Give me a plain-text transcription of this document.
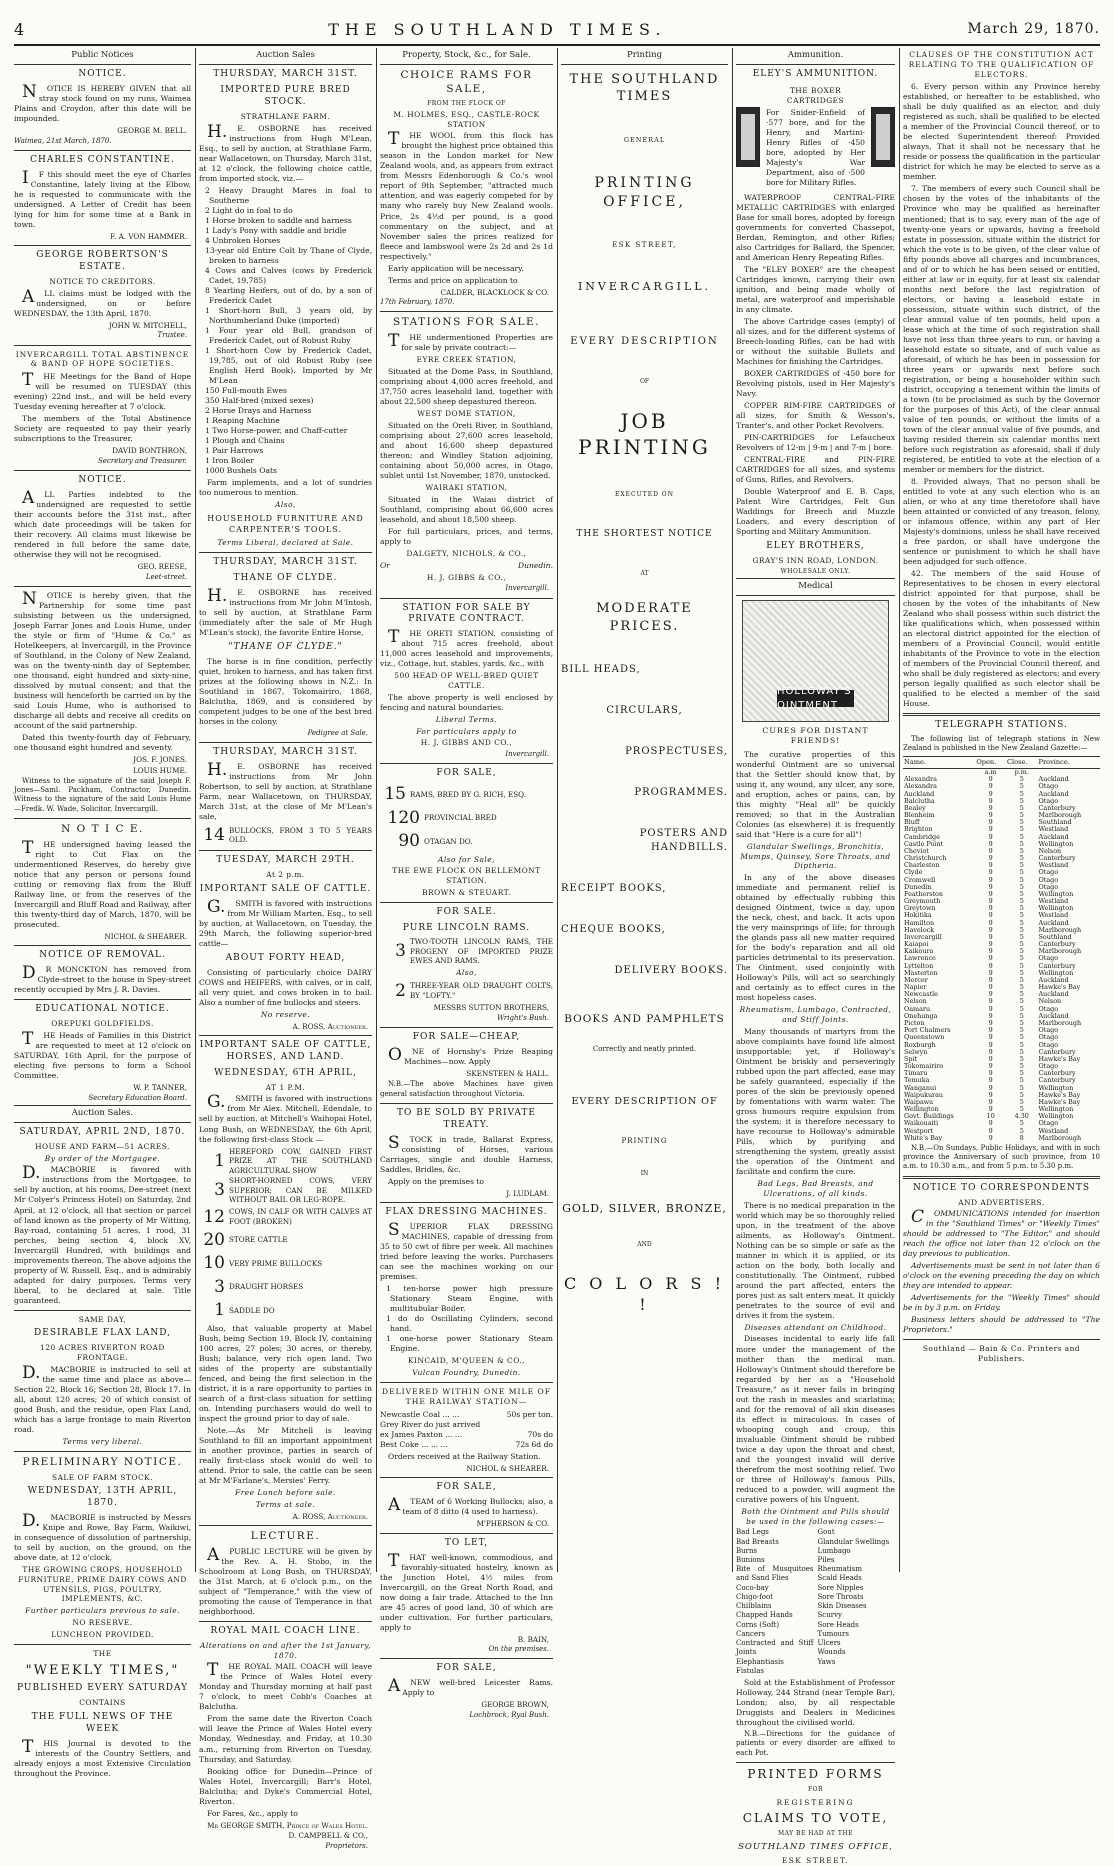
4	THE SOUTHLAND TIMES.	March 29, 1870.
Public Notices
NOTICE.

NOTICE IS HEREBY GIVEN that all stray stock found on my runs, Waimea Plains and Croydon, after this date will be impounded.

GEORGE M. BELL.
Waimea, 21st March, 1870.
CHARLES CONSTANTINE.

IF this should meet the eye of Charles Constantine, lately living at the Elbow, he is requested to communicate with the undersigned. A Letter of Credit has been lying for him for some time at a Bank in town.

F. A. VON HAMMER.
GEORGE ROBERTSON'S ESTATE.
NOTICE TO CREDITORS.

ALL claims must be lodged with the undersigned, on or before WEDNESDAY, the 13th April, 1870.

JOHN W. MITCHELL,
Trustee.
INVERCARGILL TOTAL ABSTINENCE & BAND OF HOPE SOCIETIES.

THE Meetings for the Band of Hope will be resumed on TUESDAY (this evening) 22nd inst., and will be held every Tuesday evening hereafter at 7 o'clock.

The members of the Total Abstinence Society are requested to pay their yearly subscriptions to the Treasurer.

DAVID BONTHRON,
Secretary and Treasurer.
NOTICE.

ALL Parties indebted to the undersigned are requested to settle their accounts before the 31st inst., after which date proceedings will be taken for their recovery. All claims must likewise be rendered in full before the same date, otherwise they will not be recognised.

GEO. REESE,
Leet-street.

NOTICE is hereby given, that the Partnership for some time past subsisting between us the undersigned, Joseph Farrar Jones and Louis Hume, under the style or firm of "Hume & Co." as Hotelkeepers, at Invercargill, in the Province of Southland, in the Colony of New Zealand, was on the twenty-ninth day of September, one thousand, eight hundred and sixty-nine, dissolved by mutual consent; and that the business will henceforth be carried on by the said Louis Hume, who is authorised to discharge all debts and receive all credits on account of the said partnership.

Dated this twenty-fourth day of February, one thousand eight hundred and seventy.

JOS. F. JONES.
LOUIS HUME.

Witness to the signature of the said Joseph F. Jones—Saml. Packham, Contractor, Dunedin. Witness to the signature of the said Louis Hume—Fredk. W. Wade, Solicitor, Invercargill.

N O T I C E.

THE undersigned having leased the right to Cut Flax on the undermentioned Reserves, do hereby give notice that any person or persons found cutting or removing flax from the Bluff Railway line, or from the reserves of the Invercargill and Bluff Road and Railway, after this twenty-third day of March, 1870, will be prosecuted.

NICHOL & SHEARER.
NOTICE OF REMOVAL.

DR MONCKTON has removed from Clyde-street to the house in Spey-street recently occupied by Mrs J. R. Davies.

EDUCATIONAL NOTICE.
OREPUKI GOLDFIELDS.

THE Heads of Families in this District are requested to meet at 12 o'clock on SATURDAY, 16th April, for the purpose of electing five persons to form a School Committee.

W. P. TANNER,
Secretary Education Board.
Auction Sales.
SATURDAY, APRIL 2ND, 1870.
HOUSE AND FARM—51 ACRES.
By order of the Mortgagee.

D.MACBORIE is favored with instructions from the Mortgagee, to sell by auction, at his rooms, Dee-street (next Mr Colyer's Princess Hotel) on Saturday, 2nd April, at 12 o'clock, all that section or parcel of land known as the property of Mr Witting, Bay-road, containing 51 acres, 1 rood, 31 perches, being section 4, block XV, Invercargill Hundred, with buildings and improvements thereon. The above adjoins the property of W. Russell, Esq., and is admirably adapted for dairy purposes. Terms very liberal, to be declared at sale. Title guaranteed.

SAME DAY,
DESIRABLE FLAX LAND,
120 ACRES RIVERTON ROAD FRONTAGE.

D.MACBORIE is instructed to sell at the same time and place as above— Section 22, Block 16; Section 28, Block 17. In all, about 120 acres; 20 of which consist of good Bush, and the residue, open Flax Land, which has a large frontage to main Riverton road.

Terms very liberal.
PRELIMINARY NOTICE.
SALE OF FARM STOCK.
WEDNESDAY, 13TH APRIL, 1870.

D.MACBORIE is instructed by Messrs Knipe and Rowe, Bay Farm, Waikiwi, in consequence of dissolution of partnership, to sell by auction, on the ground, on the above date, at 12 o'clock,

THE GROWING CROPS, HOUSEHOLD FURNITURE, PRIME DAIRY COWS AND UTENSILS, PIGS, POULTRY, IMPLEMENTS, &C.
Further particulars previous to sale.
NO RESERVE.
LUNCHEON PROVIDED.
THE
"WEEKLY TIMES,"
PUBLISHED EVERY SATURDAY
CONTAINS
THE FULL NEWS OF THE WEEK

THIS Journal is devoted to the interests of the Country Settlers, and already enjoys a most Extensive Circulation throughout the Province.

Auction Sales
THURSDAY, MARCH 31ST.
IMPORTED PURE BRED STOCK.
STRATHLANE FARM.

H.E. OSBORNE has received instructions from Hugh M'Lean, Esq., to sell by auction, at Strathlane Farm, near Wallacetown, on Thursday, March 31st, at 12 o'clock, the following choice cattle, from imported stock, viz.—

2 Heavy Draught Mares in foal to Southerne
2 Light do in foal to do
1 Horse broken to saddle and harness
1 Lady's Pony with saddle and bridle
4 Unbroken Horses
13-year old Entire Colt by Thane of Clyde, broken to harness
4 Cows and Calves (cows by Frederick Cadet, 19,785)
8 Yearling Heifers, out of do, by a son of Frederick Cadet
1 Short-horn Bull, 3 years old, by Northumberland Duke (imported)
1 Four year old Bull, grandson of Frederick Cadet, out of Robust Ruby
1 Short-horn Cow by Frederick Cadet, 19,785, out of old Robust Ruby (see English Herd Book). Imported by Mr M'Lean
150 Full-mouth Ewes
350 Half-bred (mixed sexes)
2 Horse Drays and Harness
1 Reaping Machine
1 Two Horse-power, and Chaff-cutter
1 Plough and Chains
1 Pair Harrows
1 Iron Boiler
1000 Bushels Oats

Farm implements, and a lot of sundries too numerous to mention.

Also,
HOUSEHOLD FURNITURE AND CARPENTER'S TOOLS.
Terms Liberal, declared at Sale.
THURSDAY, MARCH 31ST.
THANE OF CLYDE.

H.E. OSBORNE has received instructions from Mr John M'Intosh, to sell by auction, at Strathlane Farm (immediately after the sale of Mr Hugh M'Lean's stock), the favorite Entire Horse,

"THANE OF CLYDE."

The horse is in fine condition, perfectly quiet, broken to harness, and has taken first prizes at the following shows in N.Z.: In Southland in 1867, Tokomairiro, 1868, Balclutha, 1869, and is considered by competent judges to be one of the best bred horses in the colony.

Pedigree at Sale.
THURSDAY, MARCH 31ST.

H.E. OSBORNE has received instructions from Mr John Robertson, to sell by auction, at Strathlane Farm, near Wallacetown, on THURSDAY, March 31st, at the close of Mr M'Lean's sale,

14 BULLOCKS, FROM 3 TO 5 YEARS OLD.
TUESDAY, MARCH 29TH.
At 2 p.m.
IMPORTANT SALE OF CATTLE.

G.SMITH is favored with instructions from Mr William Marten, Esq., to sell by auction, at Wallacetown, on Tuesday, the 29th March, the following superior-bred cattle—

ABOUT FORTY HEAD,

Consisting of particularly choice DAIRY COWS and HEIFERS, with calves, or in calf, all very quiet, and cows broken in to bail. Also a number of fine bullocks and steers.

No reserve.
A. ROSS, Auctioneer.
IMPORTANT SALE OF CATTLE, HORSES, AND LAND.
WEDNESDAY, 6TH APRIL,
AT 1 P.M.

G.SMITH is favored with instructions from Mr Alex. Mitchell, Edendale, to sell by auction, at Mitchell's Waihopai Hotel, Long Bush, on WEDNESDAY, the 6th April, the following first-class Stock —

1 HEREFORD COW, GAINED FIRST PRIZE AT THE SOUTHLAND AGRICULTURAL SHOW
3 SHORT-HORNED COWS, VERY SUPERIOR; CAN BE MILKED WITHOUT BAIL OR LEG-ROPE.
12 COWS, IN CALF OR WITH CALVES AT FOOT (BROKEN)
20 STORE CATTLE
10 VERY PRIME BULLOCKS
3 DRAUGHT HORSES
1 SADDLE DO

Also, that valuable property at Mabel Bush, being Section 19, Block IV, containing 100 acres, 27 poles; 30 acres, or thereby, Bush; balance, very rich open land. Two sides of the property are substantially fenced, and being the first selection in the district, it is a rare opportunity to parties in search of a first-class situation for settling on. Intending purchasers would do well to inspect the ground prior to day of sale.

Note.—As Mr Mitchell is leaving Southland to fill an important appointment in another province, parties in search of really first-class stock would do well to attend. Prior to sale, the cattle can be seen at Mr M'Farlane's, Mersies' Ferry.

Free Lunch before sale.
Terms at sale.
A. ROSS, Auctioneer.
LECTURE.

APUBLIC LECTURE will be given by the Rev. A. H. Stobo, in the Schoolroom at Long Bush, on THURSDAY, the 31st March, at 6 o'clock p.m., on the subject of "Temperance," with the view of promoting the cause of Temperance in that neighborhood.

ROYAL MAIL COACH LINE.
Alterations on and after the 1st January, 1870.

THE ROYAL MAIL COACH will leave the Prince of Wales Hotel every Monday and Thursday morning at half past 7 o'clock, to meet Cobb's Coaches at Balclutha.

From the same date the Riverton Coach will leave the Prince of Wales Hotel every Monday, Wednesday, and Friday, at 10.30 a.m., returning from Riverton on Tuesday, Thursday, and Saturday.

Booking office for Dunedin—Prince of Wales Hotel, Invercargill; Barr's Hotel, Balclutha; and Dyke's Commercial Hotel, Riverton.

For Fares, &c., apply to

Mr GEORGE SMITH, Prince of Wales Hotel.
D. CAMPBELL & CO.,
Proprietors.
Property, Stock, &c., for Sale.
CHOICE RAMS FOR SALE,
FROM THE FLOCK OF
M. HOLMES, ESQ., CASTLE-ROCK STATION

THE WOOL from this flock has brought the highest price obtained this season in the London market for New Zealand wools, and, as appears from extract from Messrs Edenborough & Co.'s wool report of 9th September, "attracted much attention, and was eagerly competed for by many who rarely buy New Zealand wools. Price, 2s 4½d per pound, is a good commentary on the subject, and at November sales the prices realized for fleece and lambswool were 2s 2d and 2s 1d respectively."

Early application will be necessary.

Terms and price on application to

CALDER, BLACKLOCK & CO.
17th February, 1870.
STATIONS FOR SALE.

THE undermentioned Properties are for sale by private contract:—

EYRE CREEK STATION,

Situated at the Dome Pass, in Southland, comprising about 4,000 acres freehold, and 37,750 acres leasehold land, together with about 22,500 sheep depastured thereon.

WEST DOME STATION,

Situated on the Oreti River, in Southland, comprising about 27,600 acres leasehold, and about 16,600 sheep depastured thereon; and Windley Station adjoining, containing about 50,000 acres, in Otago, sublet until 1st November, 1870, unstocked.

WAIRAKI STATION,

Situated in the Waiau district of Southland, comprising about 66,600 acres leasehold, and about 18,500 sheep.

For full particulars, prices, and terms, apply to

DALGETY, NICHOLS, & CO.,
Or	Dunedin.
H. J. GIBBS & CO.,
Invercargill.
STATION FOR SALE BY PRIVATE CONTRACT.

THE ORETI STATION, consisting of about 715 acres freehold, about 11,000 acres leasehold and improvements, viz., Cottage, hut, stables, yards, &c., with

500 HEAD OF WELL-BRED QUIET CATTLE.

The above property is well enclosed by fencing and natural boundaries.

Liberal Terms.
For particulars apply to
H. J. GIBBS AND CO.,
Invercargill.
FOR SALE,
15 RAMS, BRED BY G. RICH, ESQ.
120 PROVINCIAL BRED
90 OTAGAN DO.
Also for Sale,
THE EWE FLOCK ON BELLEMONT STATION.
BROWN & STEUART.
FOR SALE.
PURE LINCOLN RAMS.
3 TWO-TOOTH LINCOLN RAMS, THE PROGENY OF IMPORTED PRIZE EWES AND RAMS.
Also,
2 THREE-YEAR OLD DRAUGHT COLTS, BY "LOFTY."
MESSRS SUTTON BROTHERS,
Wright's Bush.
FOR SALE—CHEAP,

ONE of Hornsby's Prize Reaping Machines—now. Apply

SKENSTEEN & HALL.

N.B.—The above Machines have given general satisfaction throughout Victoria.

TO BE SOLD BY PRIVATE TREATY.

STOCK in trade, Ballarat Express, consisting of Horses, various Carriages, single and double Harness, Saddles, Bridles, &c.

Apply on the premises to

J. LUDLAM.
FLAX DRESSING MACHINES.

SUPERIOR FLAX DRESSING MACHINES, capable of dressing from 35 to 50 cwt of fibre per week. All machines tried before leaving the works. Purchasers can see the machines working on our premises.

1 ten-horse power high pressure Stationary Steam Engine, with multitubular Boiler.
1 do do Oscillating Cylinders, second hand.
1 one-horse power Stationary Steam Engine.
KINCAID, M'QUEEN & CO.,
Vulcan Foundry, Dunedin.
DELIVERED WITHIN ONE MILE OF THE RAILWAY STATION—
Newcastle Coal ... ...	50s per ton.
Grey River do just arrived
ex James Paxton ... ...	70s do
Best Coke ... ... ...	72s 6d do

Orders received at the Railway Station.

NICHOL & SHEARER.
FOR SALE,

ATEAM of 6 Working Bullocks; also, a team of 8 ditto (4 used to harness).

M'PHERSON & CO.
TO LET,

THAT well-known, commodious, and favorably-situated hostelry, known as the Junction Hotel, 4½ miles from Invercargill, on the Great North Road, and now doing a fair trade. Attached to the Inn are 45 acres of good land, 30 of which are under cultivation. For further particulars, apply to

B. BAIN,
On the premises.
FOR SALE,

ANEW well-bred Leicester Rams. Apply to

GEORGE BROWN,
Lochbrock, Ryal Bush.
Printing
THE SOUTHLAND TIMES
GENERAL
PRINTING OFFICE,
ESK STREET,
INVERCARGILL.
EVERY DESCRIPTION
OF
JOB PRINTING
EXECUTED ON
THE SHORTEST NOTICE
AT
MODERATE PRICES.
BILL HEADS,
CIRCULARS,
PROSPECTUSES,
PROGRAMMES.
POSTERS AND HANDBILLS.
RECEIPT BOOKS,
CHEQUE BOOKS,
DELIVERY BOOKS.
BOOKS AND PAMPHLETS
Correctly and neatly printed.
EVERY DESCRIPTION OF
PRINTING
IN
GOLD, SILVER, BRONZE,
AND
C O L O R S ! !
Ammunition.
ELEY'S AMMUNITION.
THE BOXER CARTRIDGES

For Snider-Enfield of ·577 bore, and for the Henry, and Martini-Henry Rifles of ·450 bore, adopted by Her Majesty's War Department, also of ·500 bore for Military Rifles.

WATERPROOF CENTRAL-FIRE METALLIC CARTRIDGES with enlarged Base for small bores, adopted by foreign governments for converted Chassepot, Berdan, Remington, and other Rifles; also Cartridges for Ballard, the Spencer, and American Henry Repeating Rifles.

The "ELEY BOXER" are the cheapest Cartridges known, carrying their own ignition, and being made wholly of metal, are waterproof and imperishable in any climate.

The above Cartridge cases (empty) of all sizes, and for the different systems of Breech-loading Rifles, can be had with or without the suitable Bullets and Machines for finishing the Cartridges.

BOXER CARTRIDGES of ·450 bore for Revolving pistols, used in Her Majesty's Navy.

COPPER RIM-FIRE CARTRIDGES of all sizes, for Smith & Wesson's, Tranter's, and other Pocket Revolvers.

PIN-CARTRIDGES for Lefaucheux Revolvers of 12-m | 9-m | and 7-m | bore.

CENTRAL-FIRE and PIN-FIRE CARTRIDGES for all sizes, and systems of Guns, Rifles, and Revolvers.

Double Waterproof and E. B. Caps, Patent Wire Cartridges, Felt Gun Waddings for Breech and Muzzle Loaders, and every description of Sporting and Military Ammunition.

ELEY BROTHERS,
GRAY'S INN ROAD, LONDON.
WHOLESALE ONLY.
Medical
HOLLOWAY'S OINTMENT
CURES FOR DISTANT FRIENDS!

The curative properties of this wonderful Ointment are so universal that the Settler should know that, by using it, any wound, any ulcer, any sore, and eruption, aches or pains, can, by this mighty "Heal all" be quickly removed; so that in the Australian Colonies (as elsewhere) it is frequently said that "Here is a cure for all"!

Glandular Swellings, Bronchitis, Mumps, Quinsey, Sore Throats, and Diptheria.

In any of the above diseases immediate and permanent relief is obtained by effectually rubbing this designed Ointment, twice a day, upon the neck, chest, and back. It acts upon the very mainsprings of life; for through the glands pass all new matter required for the body's reparation and all old particles detrimental to its preservation. The Ointment, used conjointly with Holloway's Pills, will act so searchingly and certainly as to effect cures in the most hopeless cases.

Rheumatism, Lumbago, Contracted, and Stiff Joints.

Many thousands of martyrs from the above complaints have found life almost insupportable; yet, if Holloway's Ointment be briskly and perseveringly rubbed upon the part affected, ease may be safely guaranteed, especially if the pores of the skin be previously opened by fomentations with warm water. The gross humours require expulsion from the system; it is therefore necessary to have recourse to Holloway's admirable Pills, which by purifying and strengthening the system, greatly assist the operation of the Ointment and facilitate and confirm the cure.

Bad Legs, Bad Breasts, and Ulcerations, of all kinds.

There is no medical preparation in the world which may be so thoroughly relied upon, in the treatment of the above ailments, as Holloway's Ointment. Nothing can be so simple or safe as the manner in which it is applied, or its action on the body, both locally and constitutionally. The Ointment, rubbed around the part affected, enters the pores just as salt enters meat. It quickly penetrates to the source of evil and drives it from the system.

Diseases attendant on Childhood.

Diseases incidental to early life fall more under the management of the mother than the medical man. Holloway's Ointment should therefore be regarded by her as a "Household Treasure," as it never fails in bringing out the rash in measles and scarlatina; and for the removal of all skin diseases its effect is miraculous. In cases of whooping cough and croup, this invaluable Ointment should be rubbed twice a day upon the throat and chest, and the youngest invalid will derive therefrom the most soothing relief. Two or three of Holloway's famous Pills, reduced to a powder, will augment the curative powers of his Unguent.

Both the Ointment and Pills should be used in the following cases:—
Bad Legs
Bad Breasts
Burns
Bunions
Bite of Musquitoes and Sand Flies
Coco-bay
Chigo-foot
Chilblains
Chapped Hands
Corns (Soft)
Cancers
Contracted and Stiff Joints
Elephantiasis
Fistulas
Gout
Glandular Swellings
Lumbago
Piles
Rheumatism
Scald Heads
Sore Nipples
Sore Throats
Skin Diseases
Scurvy
Sore Heads
Tumours
Ulcers
Wounds
Yaws

Sold at the Establishment of Professor Holloway, 244 Strand (near Temple Bar), London; also, by all respectable Druggists and Dealers in Medicines throughout the civilised world.

N.B.—Directions for the guidance of patients or every disorder are affixed to each Pot.

PRINTED FORMS
FOR
REGISTERING
CLAIMS TO VOTE,
MAY BE HAD AT THE
SOUTHLAND TIMES OFFICE,
ESK STREET.
CLAUSES OF THE CONSTITUTION ACT RELATING TO THE QUALIFICATION OF ELECTORS.

6. Every person within any Province hereby established, or hereafter to be established, who shall be duly qualified as an elector, and duly registered as such, shall be qualified to be elected a member of the Provincial Council thereof, or to be elected Superintendent thereof: Provided always, That it shall not be necessary that he reside or possess the qualification in the particular district for which he may be elected to serve as a member.

7. The members of every such Council shall be chosen by the votes of the inhabitants of the Province who may be qualified as hereinafter mentioned; that is to say, every man of the age of twenty-one years or upwards, having a freehold estate in possession, situate within the district for which the vote is to be given, of the clear value of fifty pounds above all charges and incumbrances, and of or to which he has been seised or entitled, either at law or in equity, for at least six calendar months next before the last registration of electors, or having a leasehold estate in possession, situate within such district, of the clear annual value of ten pounds, held upon a lease which at the time of such registration shall have not less than three years to run, or having a leasehold estate so situate, and of such value as aforesaid, of which he has been in possession for three years or upwards next before such registration, or being a householder within such district, occupying a tenement within the limits of a town (to be proclaimed as such by the Governor for the purposes of this Act), of the clear annual value of ten pounds, or without the limits of a town of the clear annual value of five pounds, and having resided therein six calendar months next before such registration as aforesaid, shall if duly registered, be entitled to vote at the election of a member or members for the district.

8. Provided always, That no person shall be entitled to vote at any such election who is an alien, or who at any time theretofore shall have been attainted or convicted of any treason, felony, or infamous offence, within any part of Her Majesty's dominions, unless he shall have received a free pardon, or shall have undergone the sentence or punishment to which he shall have been adjudged for such offence.

42. The members of the said House of Representatives to be chosen in every electoral district appointed for that purpose, shall be chosen by the votes of the inhabitants of New Zealand who shall possess within such district the like qualifications which, when possessed within an electoral district appointed for the election of members of a Provincial Council, would entitle inhabitants of the Province to vote in the election of members of the Provincial Council thereof, and who shall be duly registered as electors; and every person legally qualified as such elector shall be qualified to be elected a member of the said House.

TELEGRAPH STATIONS.

The following list of telegraph stations in New Zealand is published in the New Zealand Gazette:—

Name.	Open.	Close.	Province.
	a.m	p.m.	
Alexandra	9	5	Auckland
Alexandra	9	5	Otago
Auckland	9	5	Auckland
Balclutha	9	5	Otago
Bealey	9	5	Canterbury
Blenheim	9	5	Marlborough
Bluff	9	5	Southland
Brighton	9	5	Westland
Cambridge	9	5	Auckland
Castle Point	9	5	Wellington
Cheviot	9	5	Nelson
Christchurch	9	5	Canterbury
Charleston	9	5	Westland
Clyde	9	5	Otago
Cromwell	9	5	Otago
Dunedin	9	5	Otago
Featherston	9	5	Wellington
Greymouth	9	5	Westland
Greytown	9	5	Wellington
Hokitika	9	5	Westland
Hamilton	9	5	Auckland
Havelock	9	5	Marlborough
Invercargill	9	5	Southland
Kaiapoi	9	5	Canterbury
Kaikoura	9	5	Marlborough
Lawrence	9	5	Otago
Lyttelton	9	5	Canterbury
Masterton	9	5	Wellington
Mercer	9	5	Auckland
Napier	9	5	Hawke's Bay
Newcastle	9	5	Auckland
Nelson	9	5	Nelson
Oamaru	9	5	Otago
Onehunga	9	5	Auckland
Picton	9	5	Marlborough
Port Chalmers	9	5	Otago
Queenstown	9	5	Otago
Roxburgh	9	5	Otago
Selwyn	9	5	Canterbury
Spit	9	5	Hawke's Bay
Tokomairiro	9	5	Otago
Timaru	9	5	Canterbury
Temuka	9	5	Canterbury
Wanganui	9	5	Wellington
Waipukurau	9	5	Hawke's Bay
Waipawa	9	5	Hawke's Bay
Wellington	9	5	Wellington
Govt. Buildings	10	4.30	Wellington
Waikouaiti	9	5	Otago
Westport	9	5	Westland
White's Bay	9	8	Marlborough

N.B.—On Sundays, Public Holidays, and with in such province the Anniversary of such province, from 10 a.m. to 10.30 a.m., and from 5 p.m. to 5.30 p.m.

NOTICE TO CORRESPONDENTS
AND ADVERTISERS.

COMMUNICATIONS intended for insertion in the "Southland Times" or "Weekly Times" should be addressed to "The Editor," and should reach the office not later than 12 o'clock on the day previous to publication.

Advertisements must be sent in not later than 6 o'clock on the evening preceding the day on which they are intended to appear.

Advertisements for the "Weekly Times" should be in by 3 p.m. on Friday.

Business letters should be addressed to "The Proprietors."

Southland — Bain & Co. Printers and Publishers.
